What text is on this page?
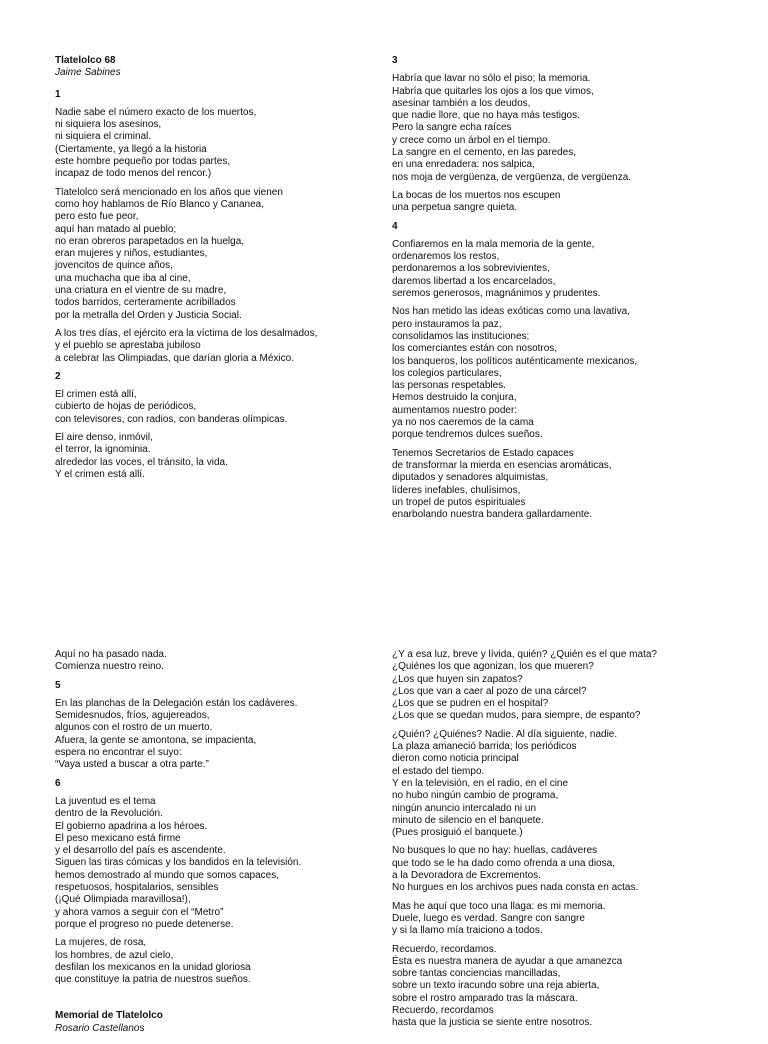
Tlatelolco 68

Jaime Sabines

1

Nadie sabe el número exacto de los muertos,
ni siquiera los asesinos,
ni siquiera el criminal.
(Ciertamente, ya llegó a la historia
este hombre pequeño por todas partes,
incapaz de todo menos del rencor.)

Tlatelolco será mencionado en los años que vienen
como hoy hablamos de Río Blanco y Cananea,
pero esto fue peor,
aquí han matado al pueblo;
no eran obreros parapetados en la huelga,
eran mujeres y niños, estudiantes,
jovencitos de quince años,
una muchacha que iba al cine,
una criatura en el vientre de su madre,
todos barridos, certeramente acribillados
por la metralla del Orden y Justicia Social.

A los tres días, el ejército era la víctima de los desalmados,
y el pueblo se aprestaba jubiloso
a celebrar las Olimpiadas, que darían gloria a México.

2

El crimen está allí,
cubierto de hojas de periódicos,
con televisores, con radios, con banderas olímpicas.

El aire denso, inmóvil,
el terror, la ignominia.
alrededor las voces, el tránsito, la vida.
Y el crimen está allí.

3

Habría que lavar no sólo el piso; la memoria.
Habría que quitarles los ojos a los que vimos,
asesinar también a los deudos,
que nadie llore, que no haya más testigos.
Pero la sangre echa raíces
y crece como un árbol en el tiempo.
La sangre en el cemento, en las paredes,
en una enredadera: nos salpica,
nos moja de vergüenza, de vergüenza, de vergüenza.

La bocas de los muertos nos escupen
una perpetua sangre quieta.

4

Confiaremos en la mala memoria de la gente,
ordenaremos los restos,
perdonaremos a los sobrevivientes,
daremos libertad a los encarcelados,
seremos generosos, magnánimos y prudentes.

Nos han metido las ideas exóticas como una lavativa,
pero instauramos la paz,
consolidamos las instituciones;
los comerciantes están con nosotros,
los banqueros, los políticos auténticamente mexicanos,
los colegios particulares,
las personas respetables.
Hemos destruido la conjura,
aumentamos nuestro poder:
ya no nos caeremos de la cama
porque tendremos dulces sueños.

Tenemos Secretarios de Estado capaces
de transformar la mierda en esencias aromáticas,
diputados y senadores alquimistas,
líderes inefables, chulísimos,
un tropel de putos espirituales
enarbolando nuestra bandera gallardamente.

Aquí no ha pasado nada.
Comienza nuestro reino.

5

En las planchas de la Delegación están los cadáveres.
Semidesnudos, fríos, agujereados,
algunos con el rostro de un muerto.
Afuera, la gente se amontona, se impacienta,
espera no encontrar el suyo:
“Vaya usted a buscar a otra parte.”

6

La juventud es el tema
dentro de la Revolución.
El gobierno apadrina a los héroes.
El peso mexicano está firme
y el desarrollo del país es ascendente.
Siguen las tiras cómicas y los bandidos en la televisión.
hemos demostrado al mundo que somos capaces,
respetuosos, hospitalarios, sensibles
(¡Qué Olimpiada maravillosa!),
y ahora vamos a seguir con el “Metro”
porque el progreso no puede detenerse.

La mujeres, de rosa,
los hombres, de azul cielo,
desfilan los mexicanos en la unidad gloriosa
que constituye la patria de nuestros sueños.

Memorial de Tlatelolco

Rosario Castellanos

¿Y a esa luz, breve y lívida, quién? ¿Quién es el que mata?
¿Quiénes los que agonizan, los que mueren?
¿Los que huyen sin zapatos?
¿Los que van a caer al pozo de una cárcel?
¿Los que se pudren en el hospital?
¿Los que se quedan mudos, para siempre, de espanto?

¿Quién? ¿Quiénes? Nadie. Al día siguiente, nadie.
La plaza amaneció barrida; los periódicos
dieron como noticia principal
el estado del tiempo.
Y en la televisión, en el radio, en el cine
no hubo ningún cambio de programa,
ningún anuncio intercalado ni un
minuto de silencio en el banquete.
(Pues prosiguió el banquete.)

No busques lo que no hay: huellas, cadáveres
que todo se le ha dado como ofrenda a una diosa,
a la Devoradora de Excrementos.
No hurgues en los archivos pues nada consta en actas.

Mas he aquí que toco una llaga: es mi memoria.
Duele, luego es verdad. Sangre con sangre
y si la llamo mía traiciono a todos.

Recuerdo, recordamos.
Ésta es nuestra manera de ayudar a que amanezca
sobre tantas conciencias mancilladas,
sobre un texto iracundo sobre una reja abierta,
sobre el rostro amparado tras la máscara.
Recuerdo, recordamos
hasta que la justicia se siente entre nosotros.
